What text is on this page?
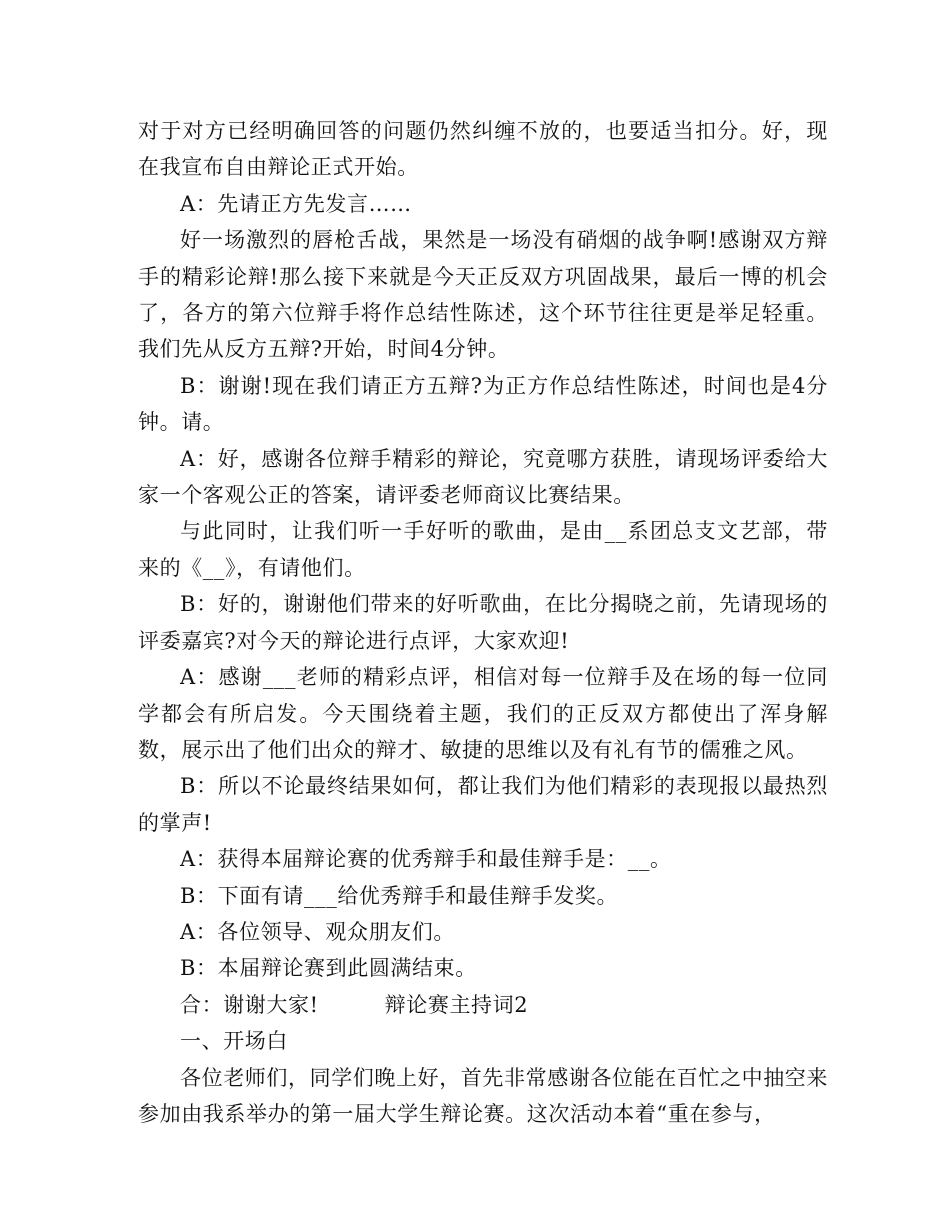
对于对方已经明确回答的问题仍然纠缠不放的，也要适当扣分。好，现在我宣布自由辩论正式开始。

A：先请正方先发言……

好一场激烈的唇枪舌战，果然是一场没有硝烟的战争啊!感谢双方辩手的精彩论辩!那么接下来就是今天正反双方巩固战果，最后一博的机会了，各方的第六位辩手将作总结性陈述，这个环节往往更是举足轻重。我们先从反方五辩?开始，时间4分钟。

B：谢谢!现在我们请正方五辩?为正方作总结性陈述，时间也是4分钟。请。

A：好，感谢各位辩手精彩的辩论，究竟哪方获胜，请现场评委给大家一个客观公正的答案，请评委老师商议比赛结果。

与此同时，让我们听一手好听的歌曲，是由__系团总支文艺部，带来的《__》，有请他们。

B：好的，谢谢他们带来的好听歌曲，在比分揭晓之前，先请现场的评委嘉宾?对今天的辩论进行点评，大家欢迎!

A：感谢___老师的精彩点评，相信对每一位辩手及在场的每一位同学都会有所启发。今天围绕着主题，我们的正反双方都使出了浑身解数，展示出了他们出众的辩才、敏捷的思维以及有礼有节的儒雅之风。

B：所以不论最终结果如何，都让我们为他们精彩的表现报以最热烈的掌声!

A：获得本届辩论赛的优秀辩手和最佳辩手是：__。

B：下面有请___给优秀辩手和最佳辩手发奖。

A：各位领导、观众朋友们。

B：本届辩论赛到此圆满结束。

合：谢谢大家!	辩论赛主持词2

一、开场白

各位老师们，同学们晚上好，首先非常感谢各位能在百忙之中抽空来参加由我系举办的第一届大学生辩论赛。这次活动本着“重在参与，
